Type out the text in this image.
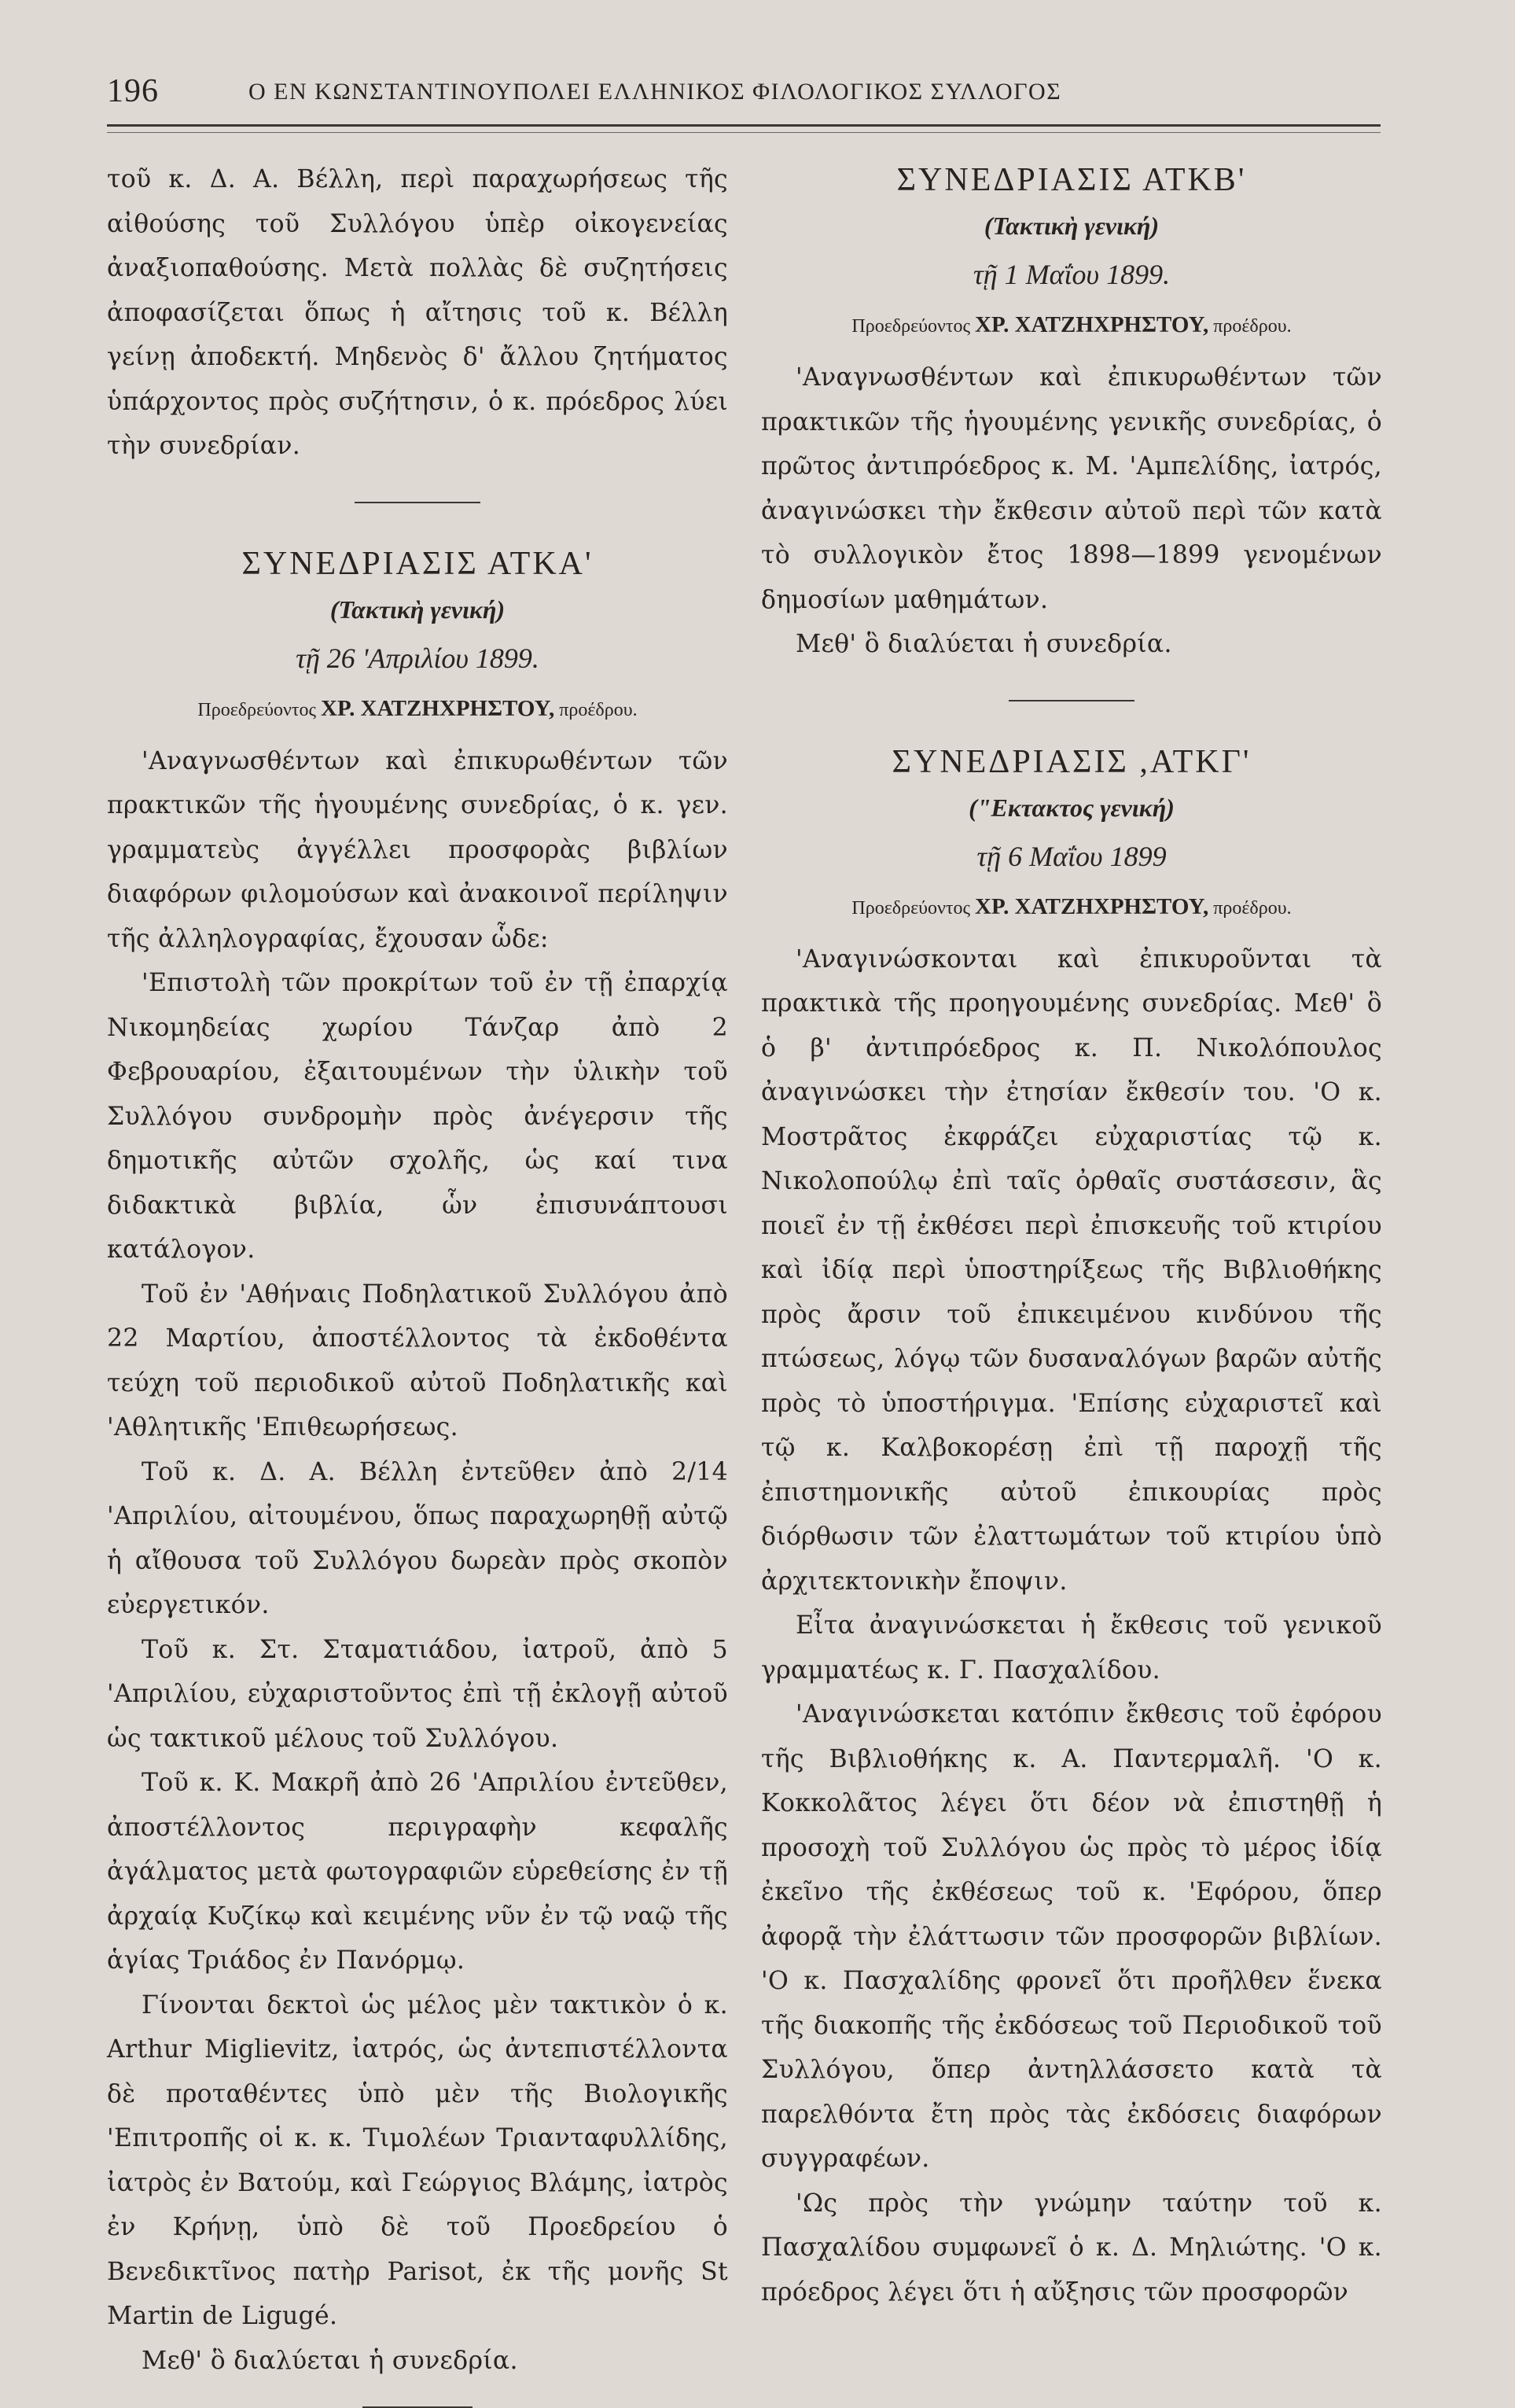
196	Ο ΕΝ ΚΩΝΣΤΑΝΤΙΝΟΥΠΟΛΕΙ ΕΛΛΗΝΙΚΟΣ ΦΙΛΟΛΟΓΙΚΟΣ ΣΥΛΛΟΓΟΣ

τοῦ κ. Δ. Α. Βέλλη, περὶ παραχωρήσεως τῆς αἰθούσης τοῦ Συλλόγου ὑπὲρ οἰκογενείας ἀναξιοπαθούσης. Μετὰ πολλὰς δὲ συζητήσεις ἀποφασίζεται ὅπως ἡ αἴτησις τοῦ κ. Βέλλη γείνῃ ἀποδεκτή. Μηδενὸς δ' ἄλλου ζητήματος ὑπάρχοντος πρὸς συζήτησιν, ὁ κ. πρόεδρος λύει τὴν συνεδρίαν.

ΣΥΝΕΔΡΙΑΣΙΣ ΑΤΚΑ'
(Τακτικὴ γενική)
τῇ 26 'Απριλίου 1899.
Προεδρεύοντος ΧΡ. ΧΑΤΖΗΧΡΗΣΤΟΥ, προέδρου.

'Αναγνωσθέντων καὶ ἐπικυρωθέντων τῶν πρακτικῶν τῆς ἡγουμένης συνεδρίας, ὁ κ. γεν. γραμματεὺς ἀγγέλλει προσφορὰς βιβλίων διαφόρων φιλομούσων καὶ ἀνακοινοῖ περίληψιν τῆς ἀλληλογραφίας, ἔχουσαν ὧδε:

'Επιστολὴ τῶν προκρίτων τοῦ ἐν τῇ ἐπαρχίᾳ Νικομηδείας χωρίου Τάνζαρ ἀπὸ 2 Φεβρουαρίου, ἐξαιτουμένων τὴν ὑλικὴν τοῦ Συλλόγου συνδρομὴν πρὸς ἀνέγερσιν τῆς δημοτικῆς αὐτῶν σχολῆς, ὡς καί τινα διδακτικὰ βιβλία, ὧν ἐπισυνάπτουσι κατάλογον.

Τοῦ ἐν 'Αθήναις Ποδηλατικοῦ Συλλόγου ἀπὸ 22 Μαρτίου, ἀποστέλλοντος τὰ ἐκδοθέντα τεύχη τοῦ περιοδικοῦ αὐτοῦ Ποδηλατικῆς καὶ 'Αθλητικῆς 'Επιθεωρήσεως.

Τοῦ κ. Δ. Α. Βέλλη ἐντεῦθεν ἀπὸ 2/14 'Απριλίου, αἰτουμένου, ὅπως παραχωρηθῇ αὐτῷ ἡ αἴθουσα τοῦ Συλλόγου δωρεὰν πρὸς σκοπὸν εὐεργετικόν.

Τοῦ κ. Στ. Σταματιάδου, ἰατροῦ, ἀπὸ 5 'Απριλίου, εὐχαριστοῦντος ἐπὶ τῇ ἐκλογῇ αὐτοῦ ὡς τακτικοῦ μέλους τοῦ Συλλόγου.

Τοῦ κ. Κ. Μακρῆ ἀπὸ 26 'Απριλίου ἐντεῦθεν, ἀποστέλλοντος περιγραφὴν κεφαλῆς ἀγάλματος μετὰ φωτογραφιῶν εὑρεθείσης ἐν τῇ ἀρχαίᾳ Κυζίκῳ καὶ κειμένης νῦν ἐν τῷ ναῷ τῆς ἁγίας Τριάδος ἐν Πανόρμῳ.

Γίνονται δεκτοὶ ὡς μέλος μὲν τακτικὸν ὁ κ. Arthur Miglievitz, ἰατρός, ὡς ἀντεπιστέλλοντα δὲ προταθέντες ὑπὸ μὲν τῆς Βιολογικῆς 'Επιτροπῆς οἱ κ. κ. Τιμολέων Τριανταφυλλίδης, ἰατρὸς ἐν Βατούμ, καὶ Γεώργιος Βλάμης, ἰατρὸς ἐν Κρήνῃ, ὑπὸ δὲ τοῦ Προεδρείου ὁ Βενεδικτῖνος πατὴρ Parisot, ἐκ τῆς μονῆς St Martin de Ligugé.

Μεθ' ὃ διαλύεται ἡ συνεδρία.

ΣΥΝΕΔΡΙΑΣΙΣ ΑΤΚΒ'
(Τακτικὴ γενική)
τῇ 1 Μαΐου 1899.
Προεδρεύοντος ΧΡ. ΧΑΤΖΗΧΡΗΣΤΟΥ, προέδρου.

'Αναγνωσθέντων καὶ ἐπικυρωθέντων τῶν πρακτικῶν τῆς ἡγουμένης γενικῆς συνεδρίας, ὁ πρῶτος ἀντιπρόεδρος κ. Μ. 'Αμπελίδης, ἰατρός, ἀναγινώσκει τὴν ἔκθεσιν αὐτοῦ περὶ τῶν κατὰ τὸ συλλογικὸν ἔτος 1898—1899 γενομένων δημοσίων μαθημάτων.

Μεθ' ὃ διαλύεται ἡ συνεδρία.

ΣΥΝΕΔΡΙΑΣΙΣ ,ΑΤΚΓ'
("Εκτακτος γενική)
τῇ 6 Μαΐου 1899
Προεδρεύοντος ΧΡ. ΧΑΤΖΗΧΡΗΣΤΟΥ, προέδρου.

'Αναγινώσκονται καὶ ἐπικυροῦνται τὰ πρακτικὰ τῆς προηγουμένης συνεδρίας. Μεθ' ὃ ὁ β' ἀντιπρόεδρος κ. Π. Νικολόπουλος ἀναγινώσκει τὴν ἐτησίαν ἔκθεσίν του. 'Ο κ. Μοστρᾶτος ἐκφράζει εὐχαριστίας τῷ κ. Νικολοπούλῳ ἐπὶ ταῖς ὀρθαῖς συστάσεσιν, ἃς ποιεῖ ἐν τῇ ἐκθέσει περὶ ἐπισκευῆς τοῦ κτιρίου καὶ ἰδίᾳ περὶ ὑποστηρίξεως τῆς Βιβλιοθήκης πρὸς ἄρσιν τοῦ ἐπικειμένου κινδύνου τῆς πτώσεως, λόγῳ τῶν δυσαναλόγων βαρῶν αὐτῆς πρὸς τὸ ὑποστήριγμα. 'Επίσης εὐχαριστεῖ καὶ τῷ κ. Καλβοκορέσῃ ἐπὶ τῇ παροχῇ τῆς ἐπιστημονικῆς αὐτοῦ ἐπικουρίας πρὸς διόρθωσιν τῶν ἐλαττωμάτων τοῦ κτιρίου ὑπὸ ἀρχιτεκτονικὴν ἔποψιν.

Εἶτα ἀναγινώσκεται ἡ ἔκθεσις τοῦ γενικοῦ γραμματέως κ. Γ. Πασχαλίδου.

'Αναγινώσκεται κατόπιν ἔκθεσις τοῦ ἐφόρου τῆς Βιβλιοθήκης κ. Α. Παντερμαλῆ. 'Ο κ. Κοκκολᾶτος λέγει ὅτι δέον νὰ ἐπιστηθῇ ἡ προσοχὴ τοῦ Συλλόγου ὡς πρὸς τὸ μέρος ἰδίᾳ ἐκεῖνο τῆς ἐκθέσεως τοῦ κ. 'Εφόρου, ὅπερ ἀφορᾷ τὴν ἐλάττωσιν τῶν προσφορῶν βιβλίων. 'Ο κ. Πασχαλίδης φρονεῖ ὅτι προῆλθεν ἕνεκα τῆς διακοπῆς τῆς ἐκδόσεως τοῦ Περιοδικοῦ τοῦ Συλλόγου, ὅπερ ἀντηλλάσσετο κατὰ τὰ παρελθόντα ἔτη πρὸς τὰς ἐκδόσεις διαφόρων συγγραφέων.

'Ως πρὸς τὴν γνώμην ταύτην τοῦ κ. Πασχαλίδου συμφωνεῖ ὁ κ. Δ. Μηλιώτης. 'Ο κ. πρόεδρος λέγει ὅτι ἡ αὔξησις τῶν προσφορῶν
